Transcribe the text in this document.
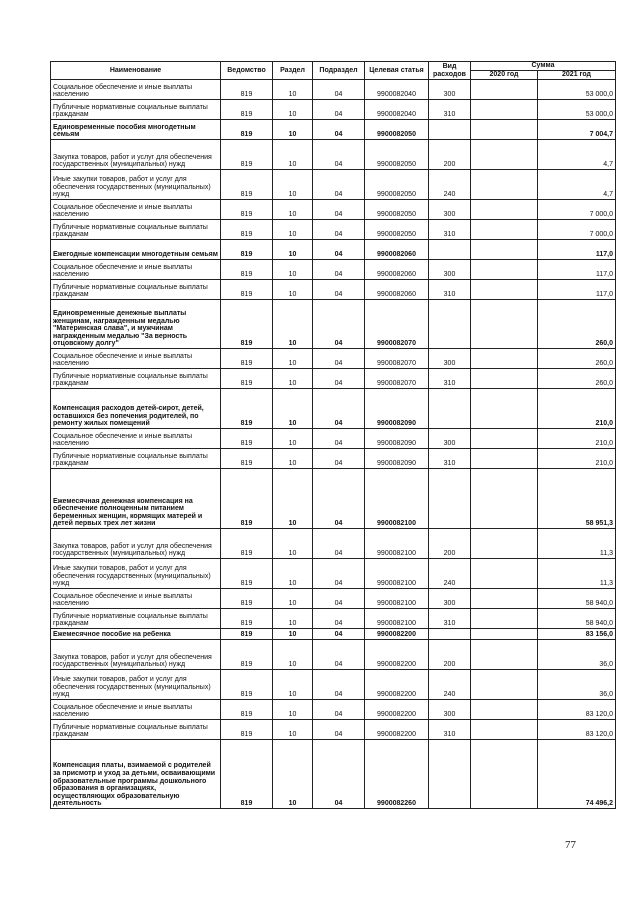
Наименование	Ведомство	Раздел	Подраздел	Целевая статья	Вид расходов	Сумма	
						2020 год	2021 год
Социальное обеспечение и иные выплаты населению	819	10	04	9900082040	300		53 000,0
Публичные нормативные социальные выплаты гражданам	819	10	04	9900082040	310		53 000,0
Единовременные пособия многодетным семьям	819	10	04	9900082050			7 004,7
Закупка товаров, работ и услуг для обеспечения государственных (муниципальных) нужд	819	10	04	9900082050	200		4,7
Иные закупки товаров, работ и услуг для обеспечения государственных (муниципальных) нужд	819	10	04	9900082050	240		4,7
Социальное обеспечение и иные выплаты населению	819	10	04	9900082050	300		7 000,0
Публичные нормативные социальные выплаты гражданам	819	10	04	9900082050	310		7 000,0
Ежегодные компенсации многодетным семьям	819	10	04	9900082060			117,0
Социальное обеспечение и иные выплаты населению	819	10	04	9900082060	300		117,0
Публичные нормативные социальные выплаты гражданам	819	10	04	9900082060	310		117,0
Единовременные денежные выплаты женщинам, награжденным медалью "Материнская слава", и мужчинам награжденным медалью "За верность отцовскому долгу"	819	10	04	9900082070			260,0
Социальное обеспечение и иные выплаты населению	819	10	04	9900082070	300		260,0
Публичные нормативные социальные выплаты гражданам	819	10	04	9900082070	310		260,0
Компенсация расходов детей-сирот, детей, оставшихся без попечения родителей, по ремонту жилых помещений	819	10	04	9900082090			210,0
Социальное обеспечение и иные выплаты населению	819	10	04	9900082090	300		210,0
Публичные нормативные социальные выплаты гражданам	819	10	04	9900082090	310		210,0
Ежемесячная денежная компенсация на обеспечение полноценным питанием беременных женщин, кормящих матерей и детей первых трех лет жизни	819	10	04	9900082100			58 951,3
Закупка товаров, работ и услуг для обеспечения государственных (муниципальных) нужд	819	10	04	9900082100	200		11,3
Иные закупки товаров, работ и услуг для обеспечения государственных (муниципальных) нужд	819	10	04	9900082100	240		11,3
Социальное обеспечение и иные выплаты населению	819	10	04	9900082100	300		58 940,0
Публичные нормативные социальные выплаты гражданам	819	10	04	9900082100	310		58 940,0
Ежемесячное пособие на ребенка	819	10	04	9900082200			83 156,0
Закупка товаров, работ и услуг для обеспечения государственных (муниципальных) нужд	819	10	04	9900082200	200		36,0
Иные закупки товаров, работ и услуг для обеспечения государственных (муниципальных) нужд	819	10	04	9900082200	240		36,0
Социальное обеспечение и иные выплаты населению	819	10	04	9900082200	300		83 120,0
Публичные нормативные социальные выплаты гражданам	819	10	04	9900082200	310		83 120,0
Компенсация платы, взимаемой с родителей за присмотр и уход за детьми, осваивающими образовательные программы дошкольного образования в организациях, осуществляющих образовательную деятельность	819	10	04	9900082260			74 496,2
77
